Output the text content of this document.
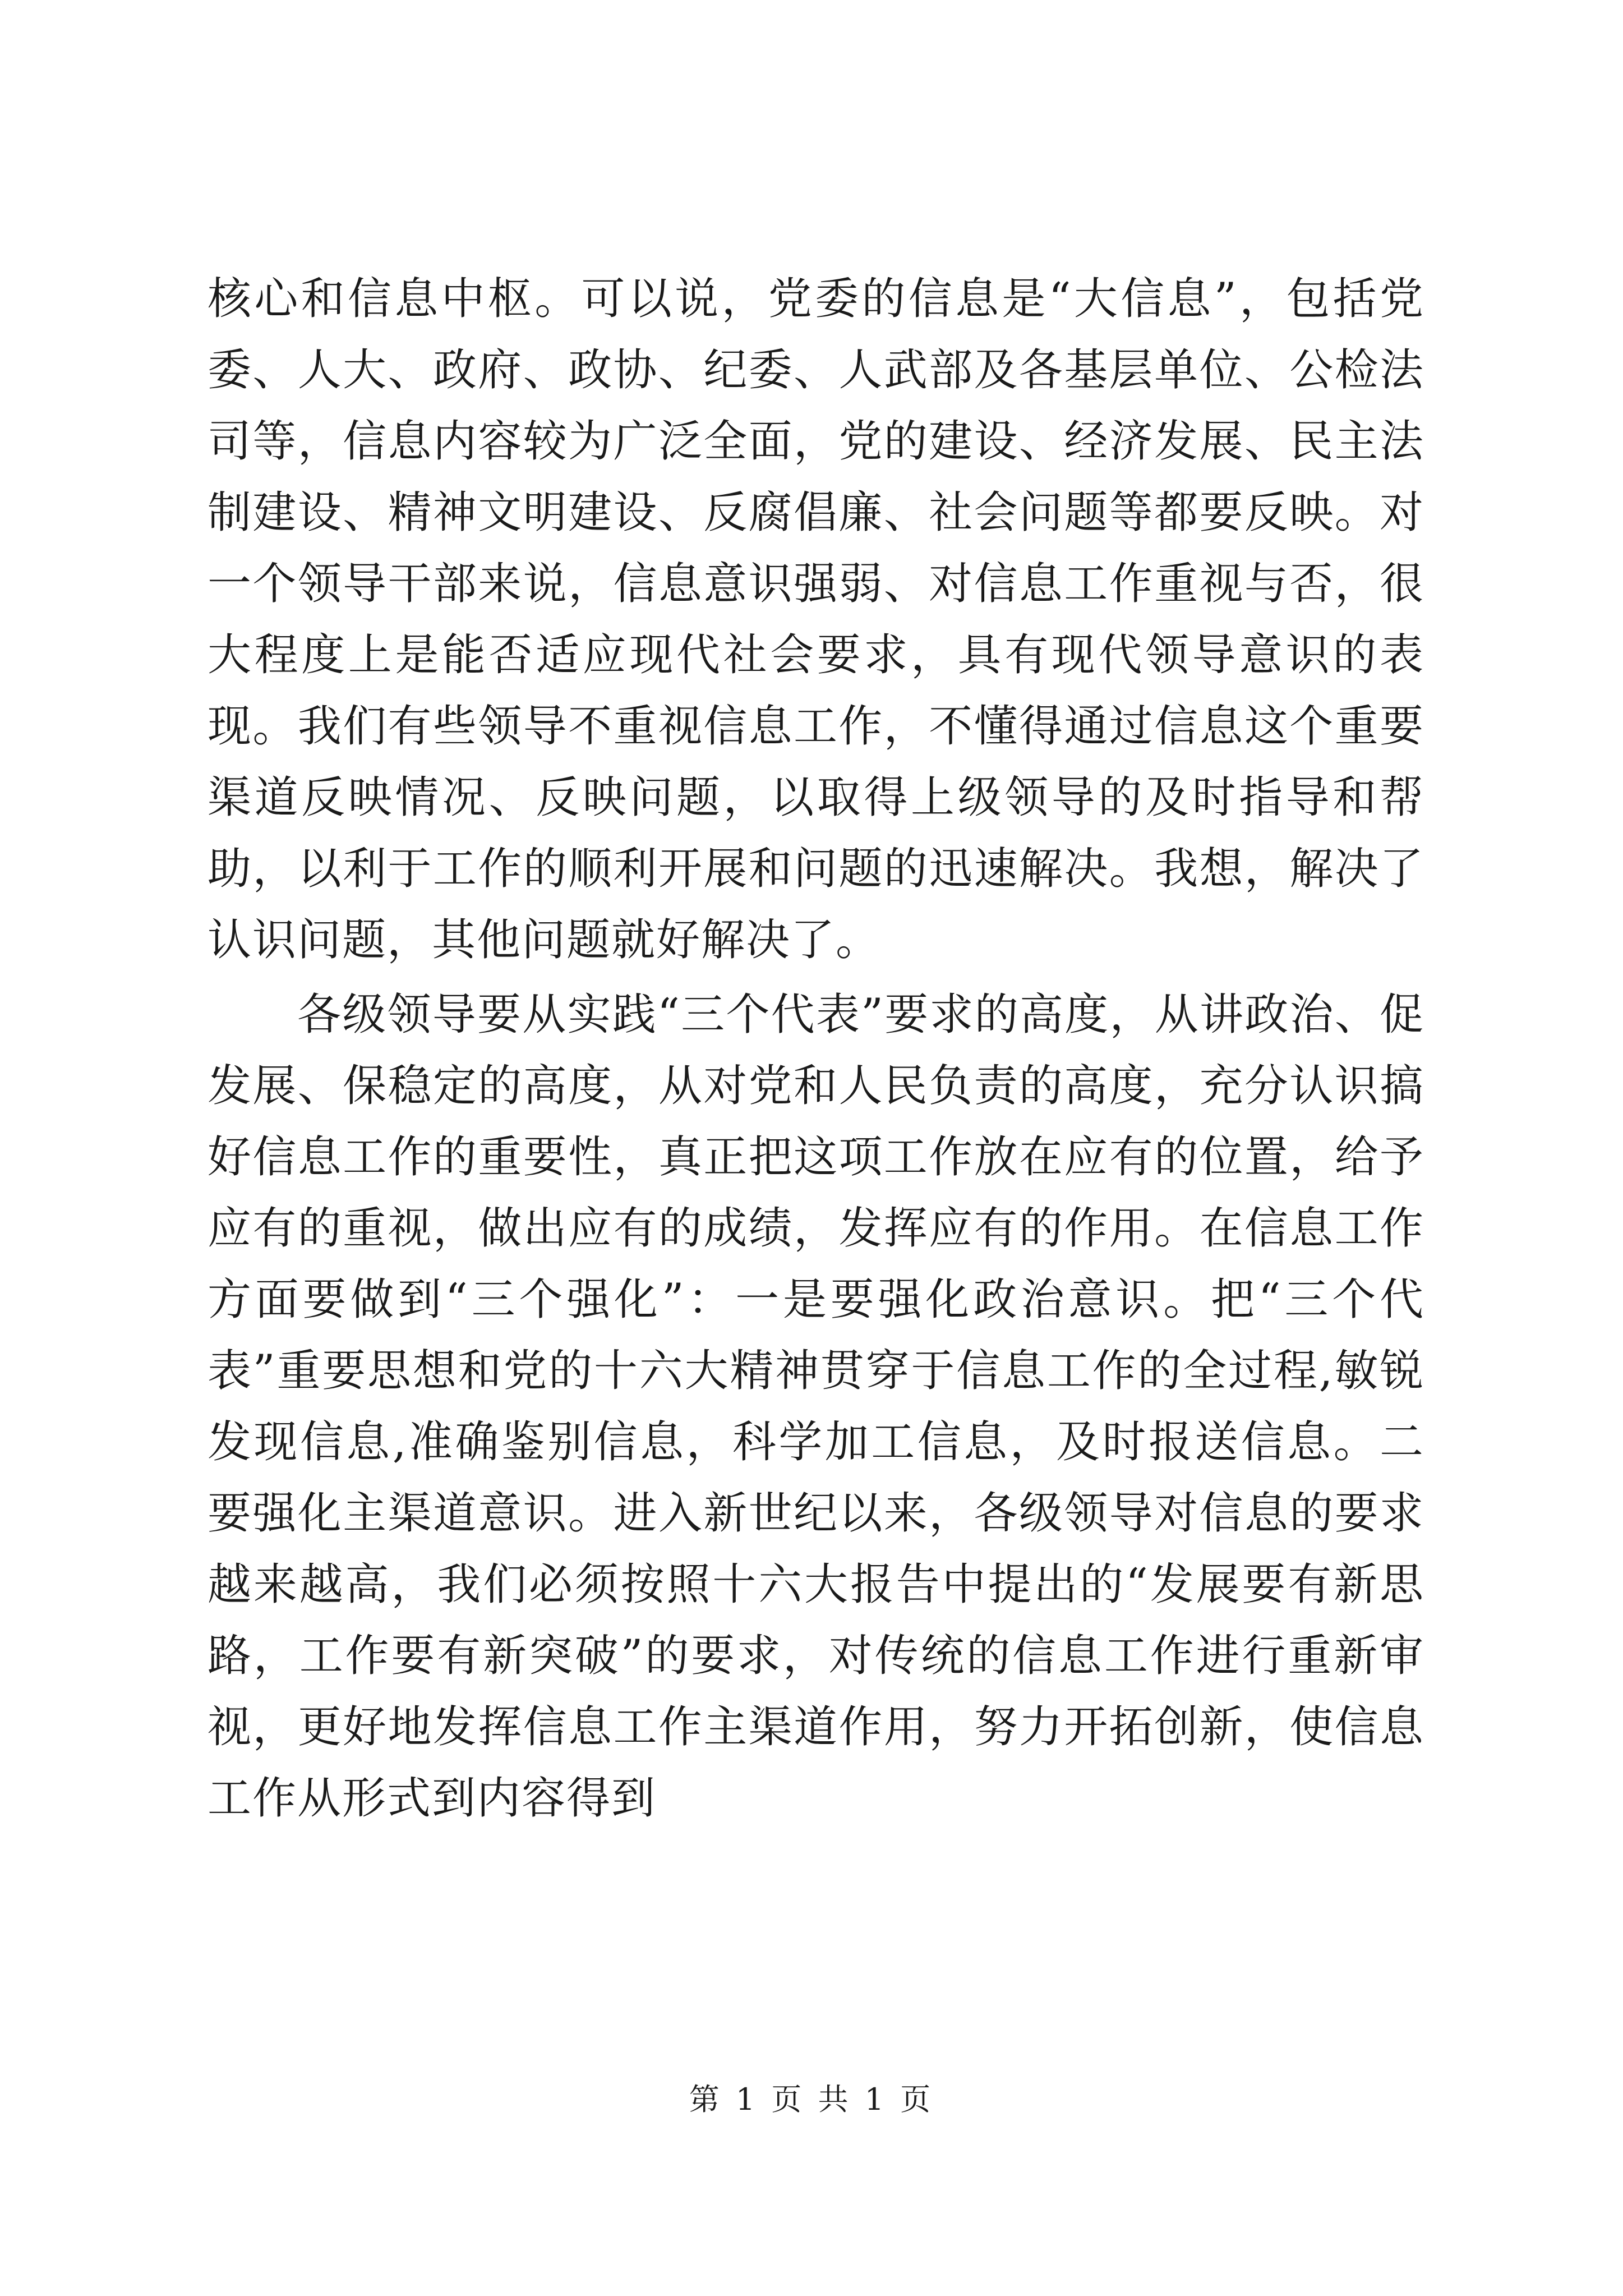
核心和信息中枢。可以说，党委的信息是“大信息”，包括党委、人大、政府、政协、纪委、人武部及各基层单位、公检法司等，信息内容较为广泛全面，党的建设、经济发展、民主法制建设、精神文明建设、反腐倡廉、社会问题等都要反映。对一个领导干部来说，信息意识强弱、对信息工作重视与否，很大程度上是能否适应现代社会要求，具有现代领导意识的表现。我们有些领导不重视信息工作，不懂得通过信息这个重要渠道反映情况、反映问题，以取得上级领导的及时指导和帮助，以利于工作的顺利开展和问题的迅速解决。我想，解决了认识问题，其他问题就好解决了。

各级领导要从实践“三个代表”要求的高度，从讲政治、促发展、保稳定的高度，从对党和人民负责的高度，充分认识搞好信息工作的重要性，真正把这项工作放在应有的位置，给予应有的重视，做出应有的成绩，发挥应有的作用。在信息工作方面要做到“三个强化”：一是要强化政治意识。把“三个代表”重要思想和党的十六大精神贯穿于信息工作的全过程,敏锐发现信息,准确鉴别信息，科学加工信息，及时报送信息。二要强化主渠道意识。进入新世纪以来，各级领导对信息的要求越来越高，我们必须按照十六大报告中提出的“发展要有新思路，工作要有新突破”的要求，对传统的信息工作进行重新审视，更好地发挥信息工作主渠道作用，努力开拓创新，使信息工作从形式到内容得到

第 1 页 共 1 页
